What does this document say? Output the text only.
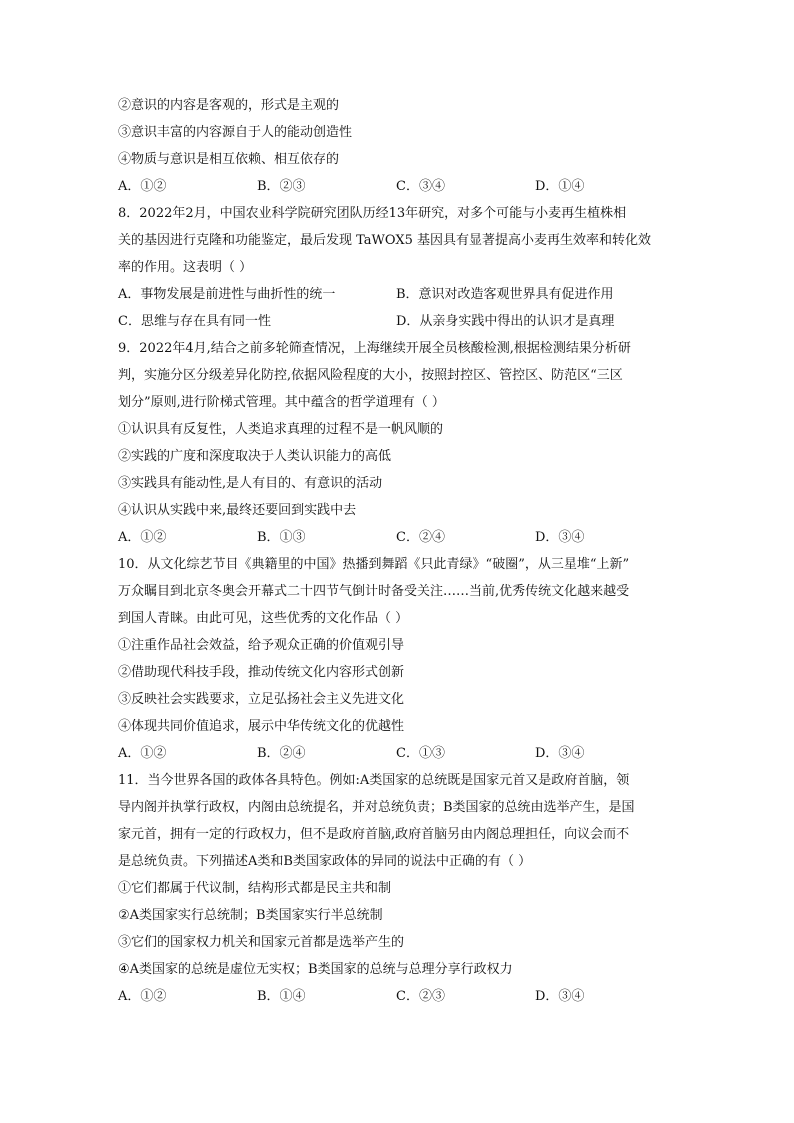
②意识的内容是客观的，形式是主观的
③意识丰富的内容源自于人的能动创造性
④物质与意识是相互依赖、相互依存的
A．①②	B．②③	C．③④	D．①④
8．2022年2月，中国农业科学院研究团队历经13年研究，对多个可能与小麦再生植株相
关的基因进行克隆和功能鉴定，最后发现 TaWOX5 基因具有显著提高小麦再生效率和转化效
率的作用。这表明（ ）
A．事物发展是前进性与曲折性的统一	B．意识对改造客观世界具有促进作用
C．思维与存在具有同一性	D．从亲身实践中得出的认识才是真理
9．2022年4月,结合之前多轮筛查情况，上海继续开展全员核酸检测,根据检测结果分析研
判，实施分区分级差异化防控,依据风险程度的大小，按照封控区、管控区、防范区“三区
划分”原则,进行阶梯式管理。其中蕴含的哲学道理有（ ）
①认识具有反复性，人类追求真理的过程不是一帆风顺的
②实践的广度和深度取决于人类认识能力的高低
③实践具有能动性,是人有目的、有意识的活动
④认识从实践中来,最终还要回到实践中去
A．①②	B．①③	C．②④	D．③④
10．从文化综艺节目《典籍里的中国》热播到舞蹈《只此青绿》“破圈”，从三星堆“上新”
万众瞩目到北京冬奥会开幕式二十四节气倒计时备受关注……当前,优秀传统文化越来越受
到国人青睐。由此可见，这些优秀的文化作品（ ）
①注重作品社会效益，给予观众正确的价值观引导
②借助现代科技手段，推动传统文化内容形式创新
③反映社会实践要求，立足弘扬社会主义先进文化
④体现共同价值追求，展示中华传统文化的优越性
A．①②	B．②④	C．①③	D．③④
11．当今世界各国的政体各具特色。例如:A类国家的总统既是国家元首又是政府首脑，领
导内阁并执掌行政权，内阁由总统提名，并对总统负责；B类国家的总统由选举产生，是国
家元首，拥有一定的行政权力，但不是政府首脑,政府首脑另由内阁总理担任，向议会而不
是总统负责。下列描述A类和B类国家政体的异同的说法中正确的有（ ）
①它们都属于代议制，结构形式都是民主共和制
②A类国家实行总统制；B类国家实行半总统制
③它们的国家权力机关和国家元首都是选举产生的
④A类国家的总统是虚位无实权；B类国家的总统与总理分享行政权力
A．①②	B．①④	C．②③	D．③④
